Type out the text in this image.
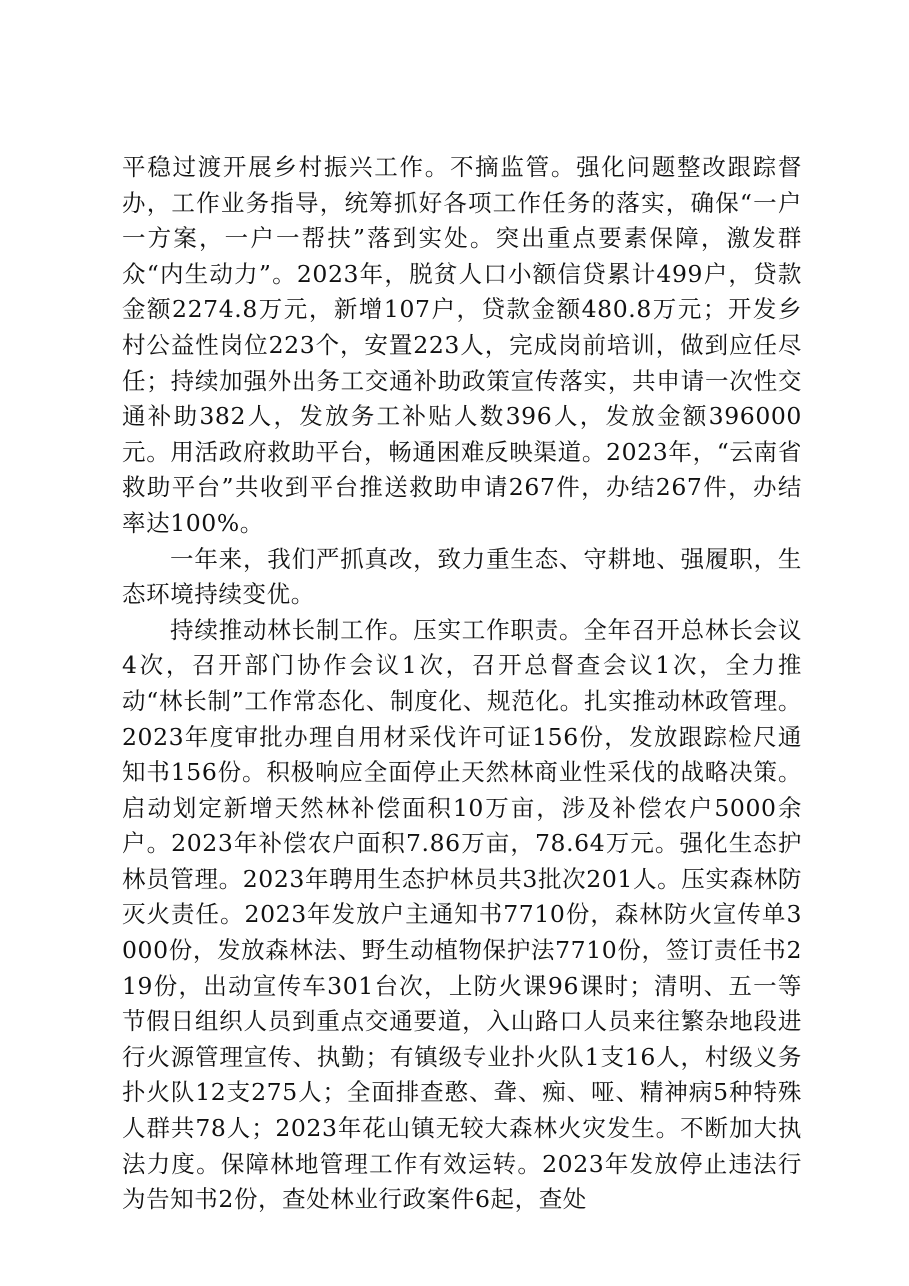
平稳过渡开展乡村振兴工作。不摘监管。强化问题整改跟踪督办，工作业务指导，统筹抓好各项工作任务的落实，确保“一户一方案，一户一帮扶”落到实处。突出重点要素保障，激发群众“内生动力”。2023年，脱贫人口小额信贷累计499户，贷款金额2274.8万元，新增107户，贷款金额480.8万元；开发乡村公益性岗位223个，安置223人，完成岗前培训，做到应任尽任；持续加强外出务工交通补助政策宣传落实，共申请一次性交通补助382人，发放务工补贴人数396人，发放金额396000元。用活政府救助平台，畅通困难反映渠道。2023年，“云南省救助平台”共收到平台推送救助申请267件，办结267件，办结率达100%。

一年来，我们严抓真改，致力重生态、守耕地、强履职，生态环境持续变优。

持续推动林长制工作。压实工作职责。全年召开总林长会议4次，召开部门协作会议1次，召开总督查会议1次，全力推动“林长制”工作常态化、制度化、规范化。扎实推动林政管理。2023年度审批办理自用材采伐许可证156份，发放跟踪检尺通知书156份。积极响应全面停止天然林商业性采伐的战略决策。启动划定新增天然林补偿面积10万亩，涉及补偿农户5000余户。2023年补偿农户面积7.86万亩，78.64万元。强化生态护林员管理。2023年聘用生态护林员共3批次201人。压实森林防灭火责任。2023年发放户主通知书7710份，森林防火宣传单3000份，发放森林法、野生动植物保护法7710份，签订责任书219份，出动宣传车301台次，上防火课96课时；清明、五一等节假日组织人员到重点交通要道，入山路口人员来往繁杂地段进行火源管理宣传、执勤；有镇级专业扑火队1支16人，村级义务扑火队12支275人；全面排查憨、聋、痴、哑、精神病5种特殊人群共78人；2023年花山镇无较大森林火灾发生。不断加大执法力度。保障林地管理工作有效运转。2023年发放停止违法行为告知书2份，查处林业行政案件6起，查处
